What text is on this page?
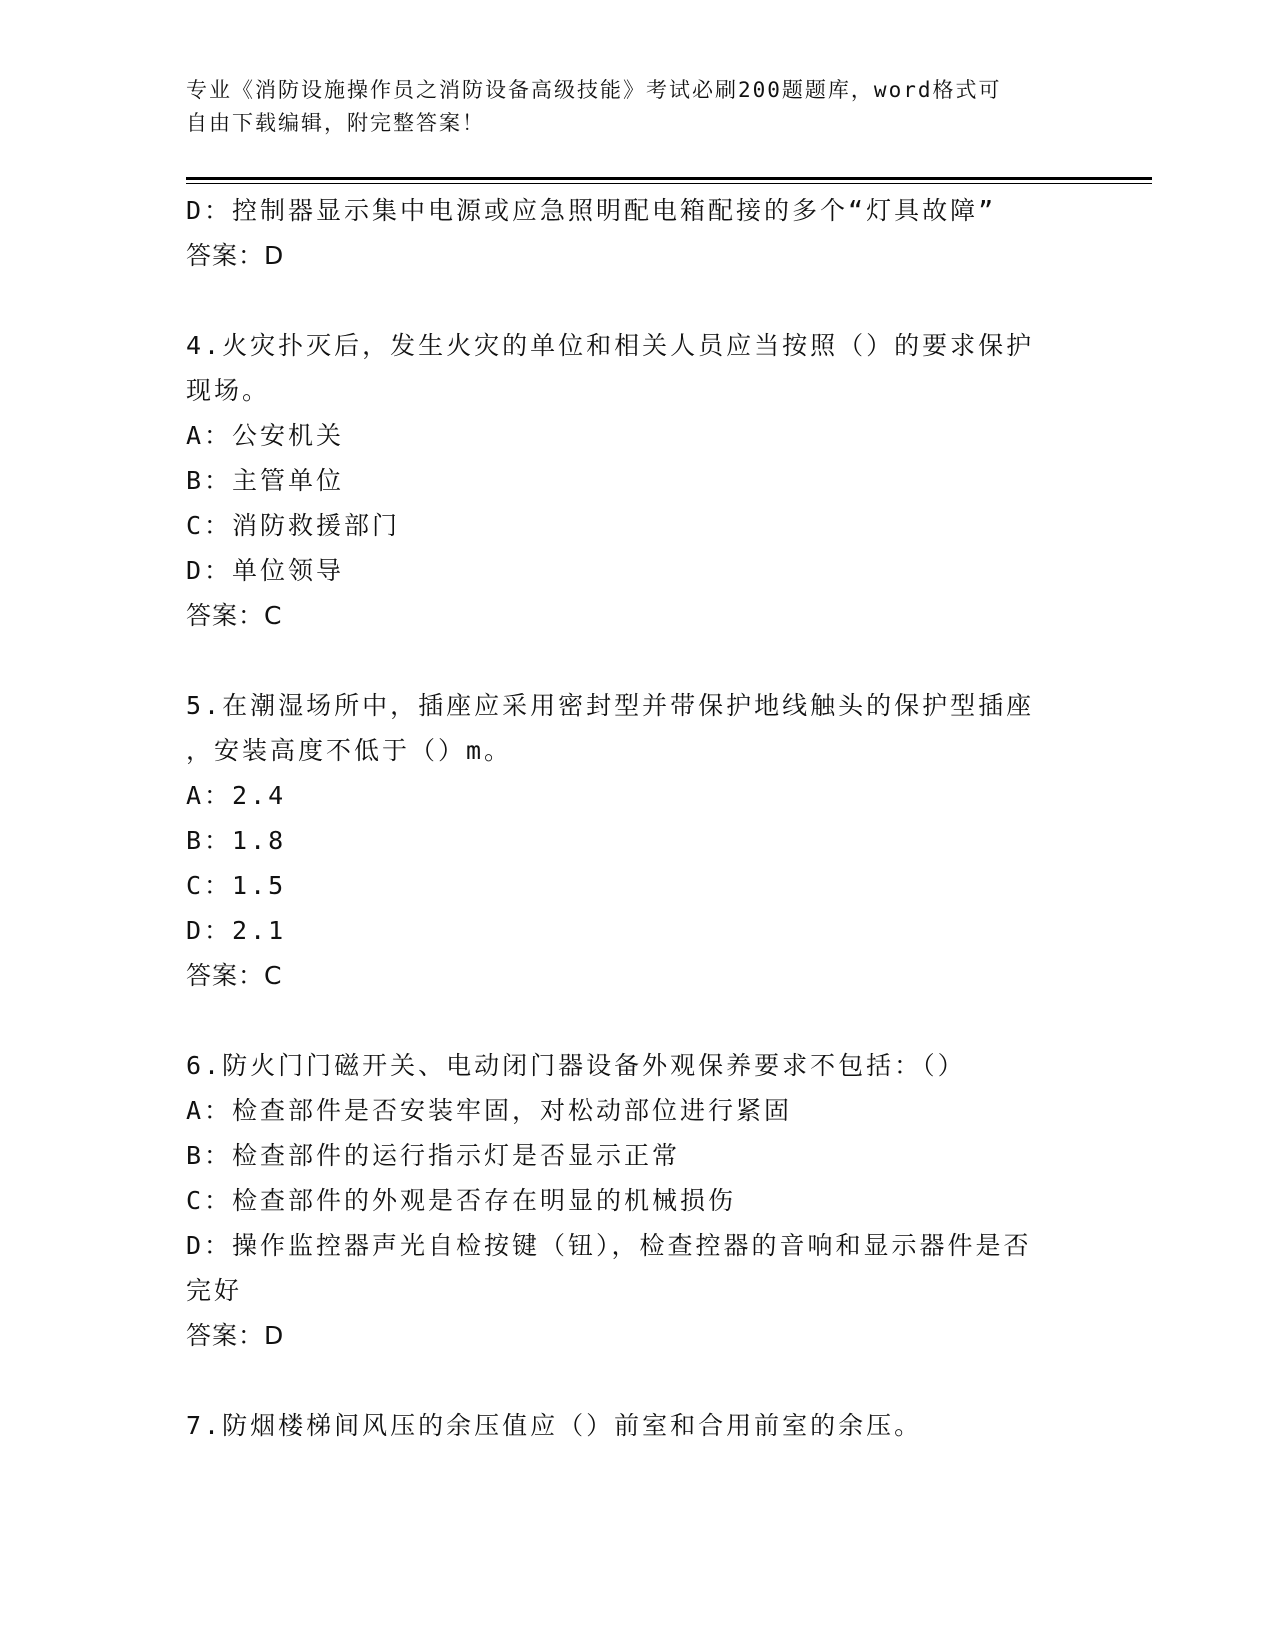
专业《消防设施操作员之消防设备高级技能》考试必刷200题题库，word格式可
自由下载编辑，附完整答案！
D：控制器显示集中电源或应急照明配电箱配接的多个“灯具故障”
答案：D
4.火灾扑灭后，发生火灾的单位和相关人员应当按照（）的要求保护
现场。
A：公安机关
B：主管单位
C：消防救援部门
D：单位领导
答案：C
5.在潮湿场所中，插座应采用密封型并带保护地线触头的保护型插座
，安装高度不低于（）m。
A：2.4
B：1.8
C：1.5
D：2.1
答案：C
6.防火门门磁开关、电动闭门器设备外观保养要求不包括：（）
A：检查部件是否安装牢固，对松动部位进行紧固
B：检查部件的运行指示灯是否显示正常
C：检查部件的外观是否存在明显的机械损伤
D：操作监控器声光自检按键（钮），检查控器的音响和显示器件是否
完好
答案：D
7.防烟楼梯间风压的余压值应（）前室和合用前室的余压。
